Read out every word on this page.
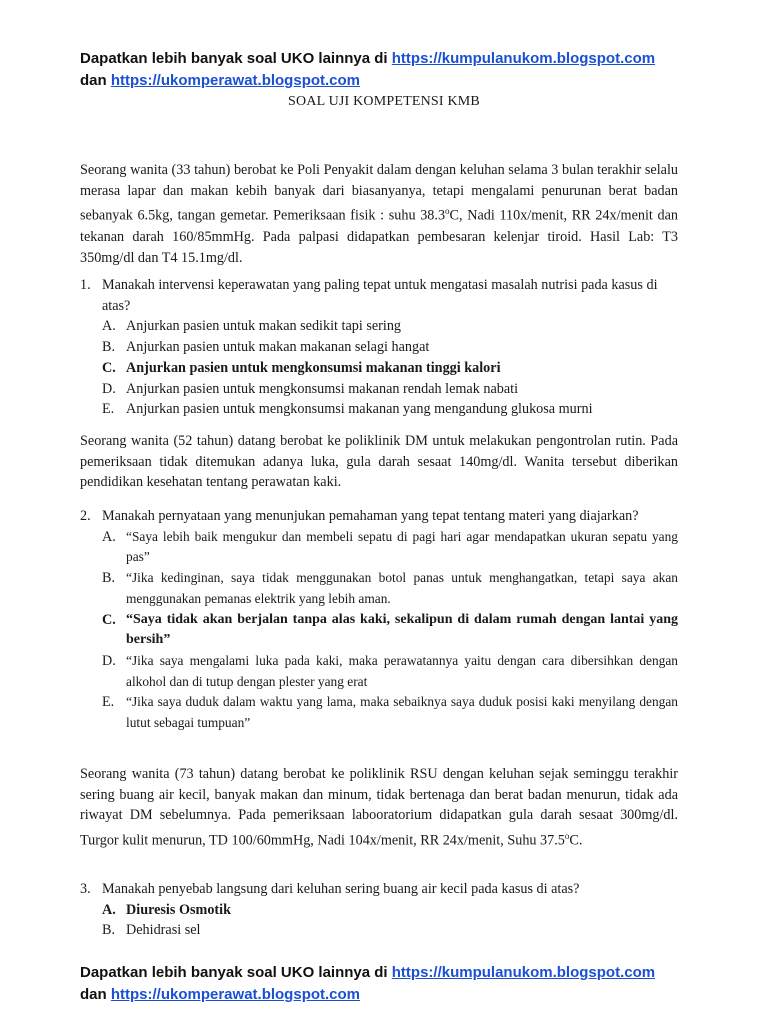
Dapatkan lebih banyak soal UKO lainnya di https://kumpulanukom.blogspot.com
dan https://ukomperawat.blogspot.com
SOAL UJI KOMPETENSI KMB

Seorang wanita (33 tahun) berobat ke Poli Penyakit dalam dengan keluhan selama 3 bulan terakhir selalu merasa lapar dan makan kebih banyak dari biasanyanya, tetapi mengalami penurunan berat badan sebanyak 6.5kg, tangan gemetar. Pemeriksaan fisik : suhu 38.3$^o$C, Nadi 110x/menit, RR 24x/menit dan tekanan darah 160/85mmHg. Pada palpasi didapatkan pembesaran kelenjar tiroid. Hasil Lab: T3 350mg/dl dan T4 15.1mg/dl.

1. Manakah intervensi keperawatan yang paling tepat untuk mengatasi masalah nutrisi pada kasus di atas?
A. Anjurkan pasien untuk makan sedikit tapi sering
B. Anjurkan pasien untuk makan makanan selagi hangat
C. Anjurkan pasien untuk mengkonsumsi makanan tinggi kalori
D. Anjurkan pasien untuk mengkonsumsi makanan rendah lemak nabati
E. Anjurkan pasien untuk mengkonsumsi makanan yang mengandung glukosa murni

Seorang wanita (52 tahun) datang berobat ke poliklinik DM untuk melakukan pengontrolan rutin. Pada pemeriksaan tidak ditemukan adanya luka, gula darah sesaat 140mg/dl. Wanita tersebut diberikan pendidikan kesehatan tentang perawatan kaki.

2. Manakah pernyataan yang menunjukan pemahaman yang tepat tentang materi yang diajarkan?
A. “Saya lebih baik mengukur dan membeli sepatu di pagi hari agar mendapatkan ukuran sepatu yang pas”
B. “Jika kedinginan, saya tidak menggunakan botol panas untuk menghangatkan, tetapi saya akan menggunakan pemanas elektrik yang lebih aman.
C. “Saya tidak akan berjalan tanpa alas kaki, sekalipun di dalam rumah dengan lantai yang bersih”
D. “Jika saya mengalami luka pada kaki, maka perawatannya yaitu dengan cara dibersihkan dengan alkohol dan di tutup dengan plester yang erat
E. “Jika saya duduk dalam waktu yang lama, maka sebaiknya saya duduk posisi kaki menyilang dengan lutut sebagai tumpuan”

Seorang wanita (73 tahun) datang berobat ke poliklinik RSU dengan keluhan sejak seminggu terakhir sering buang air kecil, banyak makan dan minum, tidak bertenaga dan berat badan menurun, tidak ada riwayat DM sebelumnya. Pada pemeriksaan labooratorium didapatkan gula darah sesaat 300mg/dl. Turgor kulit menurun, TD 100/60mmHg, Nadi 104x/menit, RR 24x/menit, Suhu 37.5$^o$C.

3. Manakah penyebab langsung dari keluhan sering buang air kecil pada kasus di atas?
A. Diuresis Osmotik
B. Dehidrasi sel
Dapatkan lebih banyak soal UKO lainnya di https://kumpulanukom.blogspot.com
dan https://ukomperawat.blogspot.com
